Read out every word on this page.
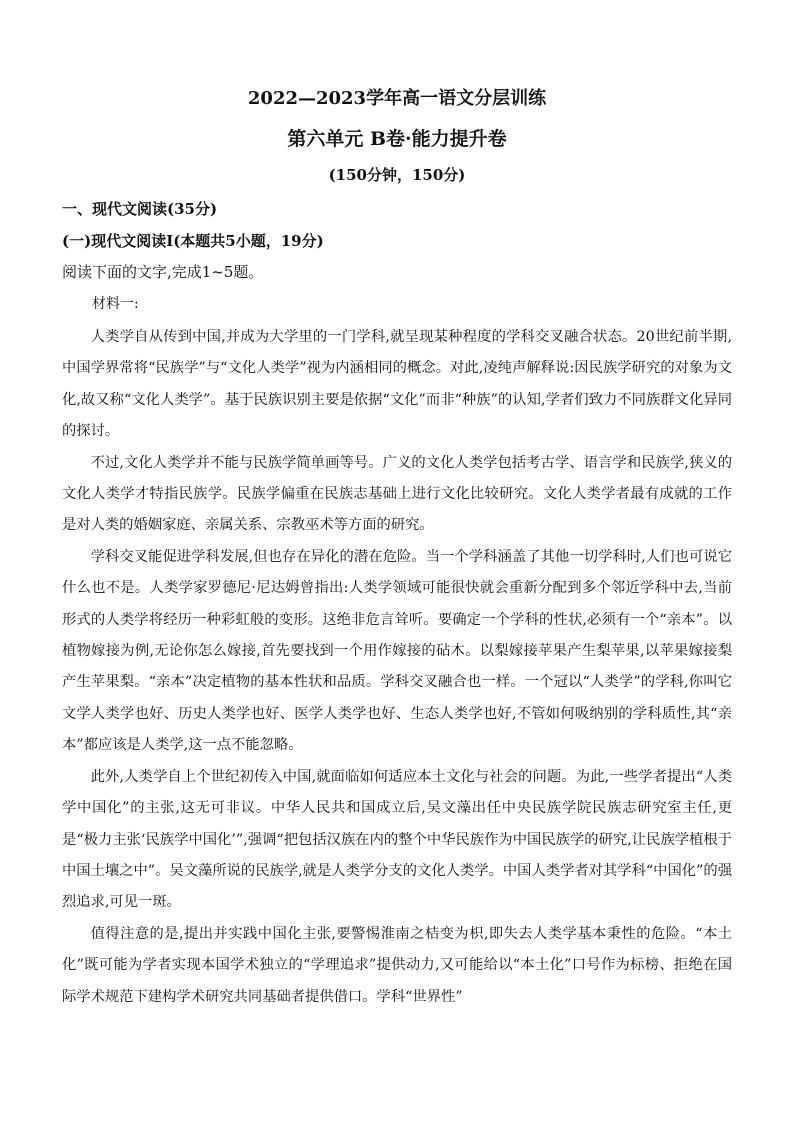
2022—2023学年高一语文分层训练
第六单元 B卷·能力提升卷
(150分钟，150分)
一、现代文阅读(35分)
(一)现代文阅读Ⅰ(本题共5小题，19分)
阅读下面的文字,完成1~5题。
材料一:

人类学自从传到中国,并成为大学里的一门学科,就呈现某种程度的学科交叉融合状态。20世纪前半期,中国学界常将“民族学”与“文化人类学”视为内涵相同的概念。对此,凌纯声解释说:因民族学研究的对象为文化,故又称“文化人类学”。基于民族识别主要是依据“文化”而非“种族”的认知,学者们致力不同族群文化异同的探讨。

不过,文化人类学并不能与民族学简单画等号。广义的文化人类学包括考古学、语言学和民族学,狭义的文化人类学才特指民族学。民族学偏重在民族志基础上进行文化比较研究。文化人类学者最有成就的工作是对人类的婚姻家庭、亲属关系、宗教巫术等方面的研究。

学科交叉能促进学科发展,但也存在异化的潜在危险。当一个学科涵盖了其他一切学科时,人们也可说它什么也不是。人类学家罗德尼·尼达姆曾指出:人类学领域可能很快就会重新分配到多个邻近学科中去,当前形式的人类学将经历一种彩虹般的变形。这绝非危言耸听。要确定一个学科的性状,必须有一个“亲本”。以植物嫁接为例,无论你怎么嫁接,首先要找到一个用作嫁接的砧木。以梨嫁接苹果产生梨苹果,以苹果嫁接梨产生苹果梨。“亲本”决定植物的基本性状和品质。学科交叉融合也一样。一个冠以“人类学”的学科,你叫它文学人类学也好、历史人类学也好、医学人类学也好、生态人类学也好,不管如何吸纳别的学科质性,其“亲本”都应该是人类学,这一点不能忽略。

此外,人类学自上个世纪初传入中国,就面临如何适应本土文化与社会的问题。为此,一些学者提出“人类学中国化”的主张,这无可非议。中华人民共和国成立后,吴文藻出任中央民族学院民族志研究室主任,更是“极力主张‘民族学中国化’”,强调“把包括汉族在内的整个中华民族作为中国民族学的研究,让民族学植根于中国土壤之中”。吴文藻所说的民族学,就是人类学分支的文化人类学。中国人类学者对其学科“中国化”的强烈追求,可见一斑。

值得注意的是,提出并实践中国化主张,要警惕淮南之桔变为枳,即失去人类学基本秉性的危险。“本土化”既可能为学者实现本国学术独立的“学理追求”提供动力,又可能给以“本土化”口号作为标榜、拒绝在国际学术规范下建构学术研究共同基础者提供借口。学科“世界性”
